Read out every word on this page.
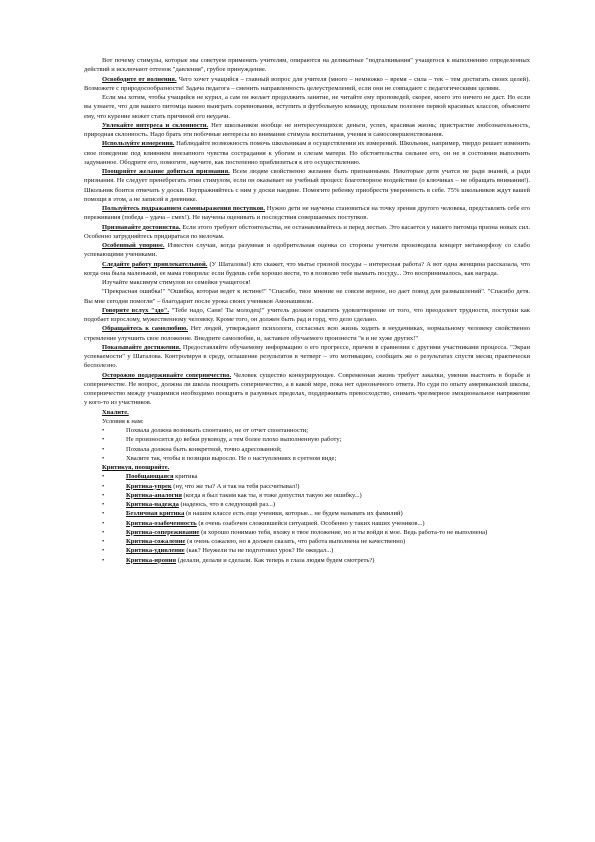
Вот почему стимулы, которые мы советуем применять учителям, опираются на деликатные "подталкивания" учащегося к выполнению определенных действий и исключают оттенок "давления", грубое принуждение.

Освободите от волнения. Чего хочет учащийся – главный вопрос для учителя (много – немножко – время – сила – тек – тем достигать своих целей). Возможете с природосообразности! Задача педагога – сменить направленность целеустремлений, если они не совпадают с педагогическими целями.

Если мы хотим, чтобы учащийся не курил, а сам он желает продолжить занятие, не читайте ему проповедей, скорее, моего это ничего не даст. Но если вы узнаете, что для вашего питомца важно выиграть соревнования, вступить в футбольную команду, прошлым полезнее первой красивых классов, объясните ему, что курение может стать причиной его неудачи.

Увлекайте интереса и склонности. Нет школьников вообще не интересующихся: деньги, успех, красивая жизнь; пристрастие любознательность, природная склонность. Надо брать эти побочные интересы во внимание стимула воспитания, учения и самосовершенствования.

Используйте измерения. Наблюдайте возможность помочь школьникам в осуществлении их измерений. Школьник, например, твердо решает изменить свое поведение под влиянием внезапного чувства сострадания к убогим и слезам матери. Но обстоятельства сильнее его, он не в состоянии выполнить задуманное. Ободрите его, помогите, научите, как постепенно приблизиться к его осуществлению.

Поощряйте желание добиться признания. Всем людям свойственно желание быть признанными. Некоторые дети учатся не ради знаний, а ради признания. Не следует пренебрегать этим стимулом, если он оказывает не учебный процесс благотворное воздействие (о ключиках – не обращать внимания!). Школьник боится отвечать у доски. Поупражняйтесь с ним у доски наедине. Помогите ребенку приобрести уверенность в себе. 75% школьников ждут вашей помощи в этом, а не записей в дневнике.

Пользуйтесь подражанием самовыражения поступков. Нужно дети не научены становиться на точку зрения другого человека, представлять себе его переживания (победа – удача – смех!). Не научены оценивать и последствия совершаемых поступков.

Признавайте достоинства. Если этого требуют обстоятельства, не останавливайтесь и перед лестью. Это касается у нашего питомца призна новых сил. Особенно затрудняйтесь придираться по мелочам.

Особенный упорное. Известен случаи, когда разумная и одобрительная оценка со стороны учителя производила концерт метаморфозу со слабо успевающими учениками.

Следайте работу привлекательной. (У Шаталова!) кто скажет, что мытье грязной посуды – интересная работа? А вот одна женщина рассказала, что когда она была маленькой, ее мама говорила: если будешь себя хорошо вести, то я позволю тебе вымыть посуду... Это воспринималось, как награда.

Изучайте максимум стимулов из семейки учащегося!

"Прекрасная ошибка!" "Ошибка, которая ведет к истине!" "Спасибо, твое мнение не совсем верное, но дает повод для размышлений". "Спасибо детя. Вы мне сегодня помогли" – благодарит после урока своих учеников Амонашвили.

Говорите вслух "здо". "Тебе надо, Саня! Ты молодец!" учитель должен охватить удовлетворение от того, что преодолеет трудности, поступки как подобает взрослому, мужественному человеку. Кроме того, он должен быть рад и горд, что дело сделано.

Обращайтесь к самолюбию. Нет людей, утверждают психологи, согласных всю жизнь ходить в неудачниках, нормальному человеку свойственно стремление улучшить свое положение. Внедрите самолюбие, и, заставьте обучаемого произнести "я и не хуже других!"

Показывайте достижения. Предоставляйте обучаемому информацию о его прогрессе, причем в сравнении с другими участниками процесса. "Экран успеваемости" у Шаталова. Контролируя в среду, оглашение результатов в четверг – это мотивацию, сообщать же о результатах спустя месяц практически бесполезно.

Осторожно поддерживайте соперничество. Человек существо конкурирующее. Современная жизнь требует закалки, умения выстоять в борьбе и соперничестве. Не вопрос, должна ли школа поощрять соперничество, а в какой мере, пока нет однозначного ответа. Но судя по опыту американской школы, соперничество между учащимися необходимо поощрять в разумных пределах, поддерживать превосходство, снимать чрезмерное эмоциональное напряжение у кого-то из участников.

Хвалите.

Условия к нам:

•	Похвала должна возникать спонтанно, не от отчет спонтанности;
•	Не произносится до вебки руководу, а тем более плохо выполненную работу;
•	Похвала должна быть конкретной, точно адресованной;
•	Хвалите так, чтобы в позиции выросло. Не о наступлениях в суетном виде;

Критикуя, поощряйте.

•	Пообщающаяся критика
•	Критика-упрек (ну, что же ты? А я так на тебя рассчитывал!)
•	Критика-аналогия (когда я был таким как ты, я тоже допустил такую же ошибку...)
•	Критика-надежда (надеюсь, что в следующий раз...)
•	Безличная критика (в нашем классе есть еще ученики, которые... не будем называть их фамилий)
•	Критика-озабоченность (я очень озабочен сложившейся ситуацией. Особенно у таких наших учеников...)
•	Критика-сопереживание (я хорошо понимаю тебя, вхожу в твое положение, но и ты войди в мое. Ведь работа-то не выполнена)
•	Критика-сожаление (я очень сожалею, но я должен сказать, что работа выполнена не качественно)
•	Критика-удивление (как? Неужели ты не подготовил урок? Не ожидал...)
•	Критика-ирония (делали, делали и сделали. Как теперь в глаза людям будем смотреть?)
